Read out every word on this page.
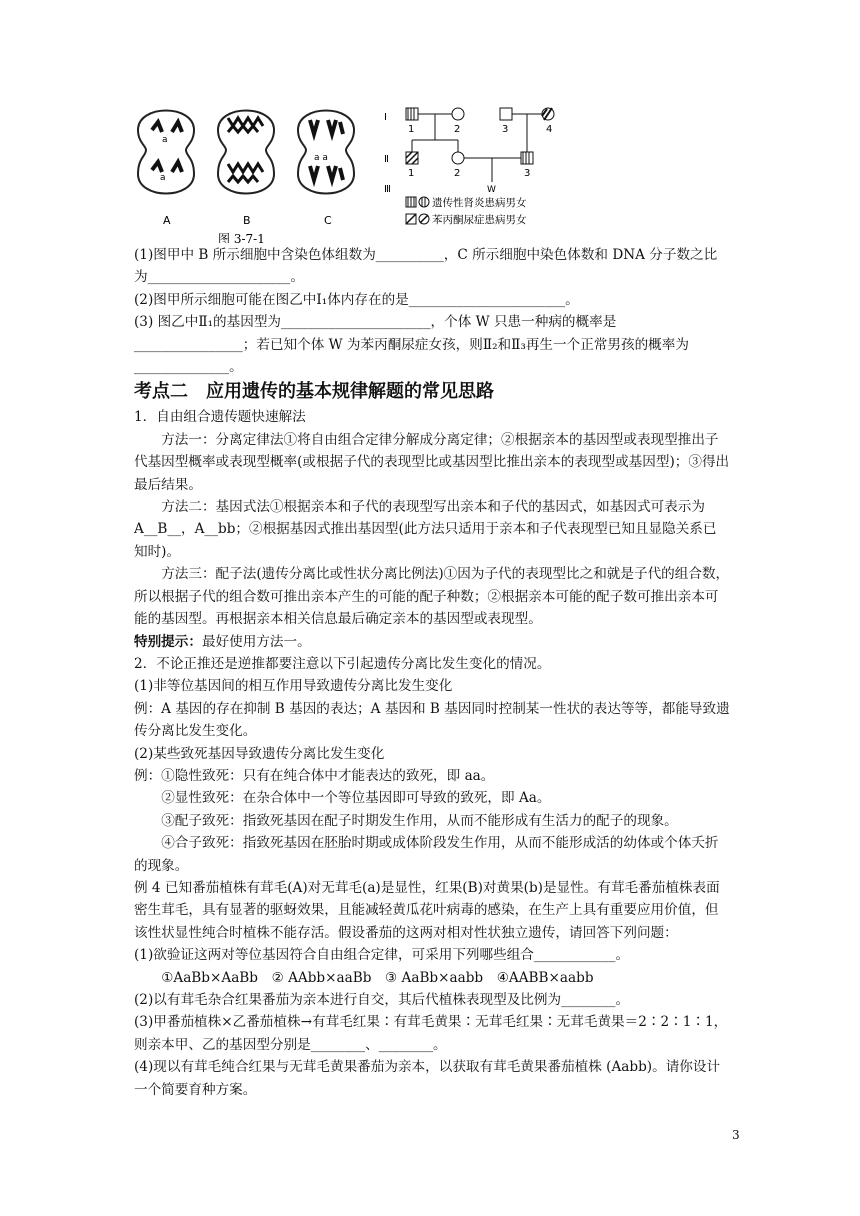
a
a
a a
A	B	C
图 3-7-1
Ⅰ
Ⅱ
Ⅲ
1	2	3	4
1	2	3
W
遗传性肾炎患病男女
苯丙酮尿症患病男女

(1)图甲中 B 所示细胞中含染色体组数为__________，C 所示细胞中染色体数和 DNA 分子数之比为_____________________。

(2)图甲所示细胞可能在图乙中Ⅰ₁体内存在的是_______________________。

(3) 图乙中Ⅱ₁的基因型为______________________，个体 W 只患一种病的概率是________________；若已知个体 W 为苯丙酮尿症女孩，则Ⅱ₂和Ⅱ₃再生一个正常男孩的概率为______________。

考点二　应用遗传的基本规律解题的常见思路

1．自由组合遗传题快速解法

方法一：分离定律法①将自由组合定律分解成分离定律；②根据亲本的基因型或表现型推出子代基因型概率或表现型概率(或根据子代的表现型比或基因型比推出亲本的表现型或基因型)；③得出最后结果。

方法二：基因式法①根据亲本和子代的表现型写出亲本和子代的基因式，如基因式可表示为 A__B__，A__bb；②根据基因式推出基因型(此方法只适用于亲本和子代表现型已知且显隐关系已知时)。

方法三：配子法(遗传分离比或性状分离比例法)①因为子代的表现型比之和就是子代的组合数，所以根据子代的组合数可推出亲本产生的可能的配子种数；②根据亲本可能的配子数可推出亲本可能的基因型。再根据亲本相关信息最后确定亲本的基因型或表现型。

特别提示：最好使用方法一。

2．不论正推还是逆推都要注意以下引起遗传分离比发生变化的情况。

(1)非等位基因间的相互作用导致遗传分离比发生变化

例：A 基因的存在抑制 B 基因的表达；A 基因和 B 基因同时控制某一性状的表达等等，都能导致遗传分离比发生变化。

(2)某些致死基因导致遗传分离比发生变化

例：①隐性致死：只有在纯合体中才能表达的致死，即 aa。

②显性致死：在杂合体中一个等位基因即可导致的致死，即 Aa。

③配子致死：指致死基因在配子时期发生作用，从而不能形成有生活力的配子的现象。

④合子致死：指致死基因在胚胎时期或成体阶段发生作用，从而不能形成活的幼体或个体夭折的现象。

例 4 已知番茄植株有茸毛(A)对无茸毛(a)是显性，红果(B)对黄果(b)是显性。有茸毛番茄植株表面密生茸毛，具有显著的驱蚜效果，且能减轻黄瓜花叶病毒的感染，在生产上具有重要应用价值，但该性状显性纯合时植株不能存活。假设番茄的这两对相对性状独立遗传，请回答下列问题：

(1)欲验证这两对等位基因符合自由组合定律，可采用下列哪些组合____________。

①AaBb×AaBb　② AAbb×aaBb　③ AaBb×aabb　④AABB×aabb

(2)以有茸毛杂合红果番茄为亲本进行自交，其后代植株表现型及比例为________。

(3)甲番茄植株×乙番茄植株→有茸毛红果∶有茸毛黄果∶无茸毛红果∶无茸毛黄果＝2∶2∶1∶1，则亲本甲、乙的基因型分别是________、________。

(4)现以有茸毛纯合红果与无茸毛黄果番茄为亲本，以获取有茸毛黄果番茄植株 (Aabb)。请你设计一个简要育种方案。

3
